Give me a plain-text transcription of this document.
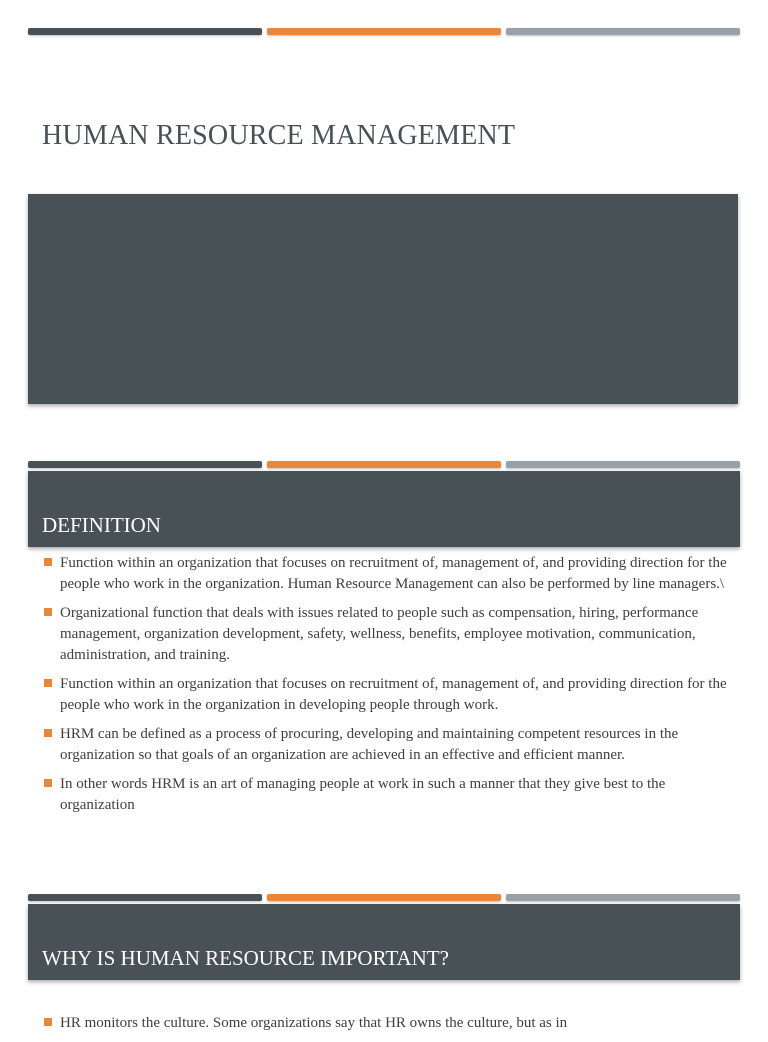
HUMAN RESOURCE MANAGEMENT
DEFINITION
Function within an organization that focuses on recruitment of, management of, and providing direction for the people who work in the organization. Human Resource Management can also be performed by line managers.\
Organizational function that deals with issues related to people such as compensation, hiring, performance management, organization development, safety, wellness, benefits, employee motivation, communication, administration, and training.
Function within an organization that focuses on recruitment of, management of, and providing direction for the people who work in the organization in developing people through work.
HRM can be defined as a process of procuring, developing and maintaining competent resources in the organization so that goals of an organization are achieved in an effective and efficient manner.
In other words HRM is an art of managing people at work in such a manner that they give best to the organization
WHY IS HUMAN RESOURCE IMPORTANT?
HR monitors the culture. Some organizations say that HR owns the culture, but as in
